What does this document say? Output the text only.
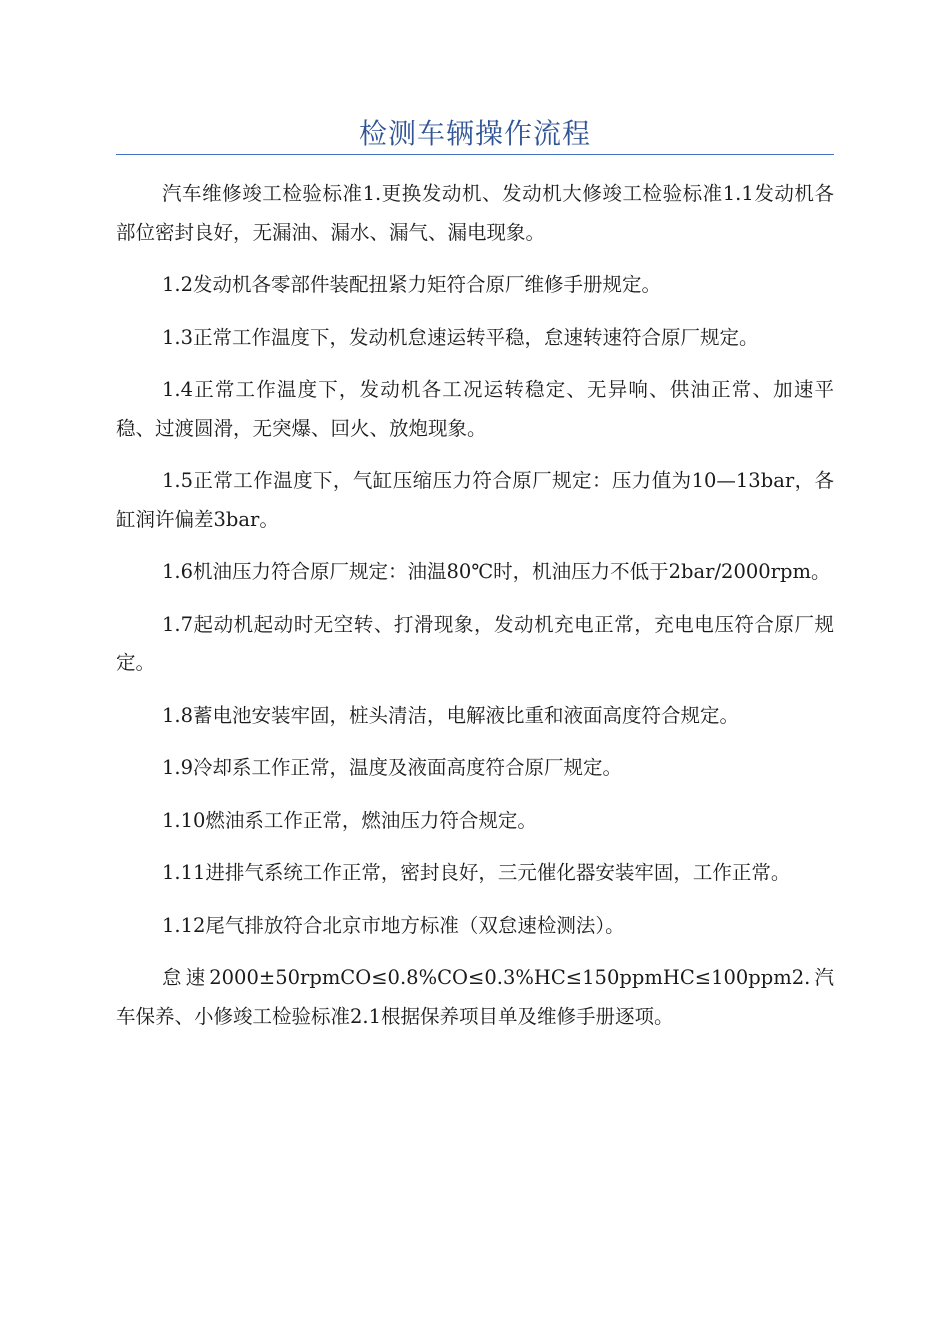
检测车辆操作流程

汽车维修竣工检验标准1.更换发动机、发动机大修竣工检验标准1.1发动机各部位密封良好，无漏油、漏水、漏气、漏电现象。

1.2发动机各零部件装配扭紧力矩符合原厂维修手册规定。

1.3正常工作温度下，发动机怠速运转平稳，怠速转速符合原厂规定。

1.4正常工作温度下，发动机各工况运转稳定、无异响、供油正常、加速平稳、过渡圆滑，无突爆、回火、放炮现象。

1.5正常工作温度下，气缸压缩压力符合原厂规定：压力值为10—13bar，各缸润许偏差3bar。

1.6机油压力符合原厂规定：油温80℃时，机油压力不低于2bar/2000rpm。

1.7起动机起动时无空转、打滑现象，发动机充电正常，充电电压符合原厂规定。

1.8蓄电池安装牢固，桩头清洁，电解液比重和液面高度符合规定。

1.9冷却系工作正常，温度及液面高度符合原厂规定。

1.10燃油系工作正常，燃油压力符合规定。

1.11进排气系统工作正常，密封良好，三元催化器安装牢固，工作正常。

1.12尾气排放符合北京市地方标准（双怠速检测法）。

怠速2000±50rpmCO≤0.8%CO≤0.3%HC≤150ppmHC≤100ppm2.汽车保养、小修竣工检验标准2.1根据保养项目单及维修手册逐项。
